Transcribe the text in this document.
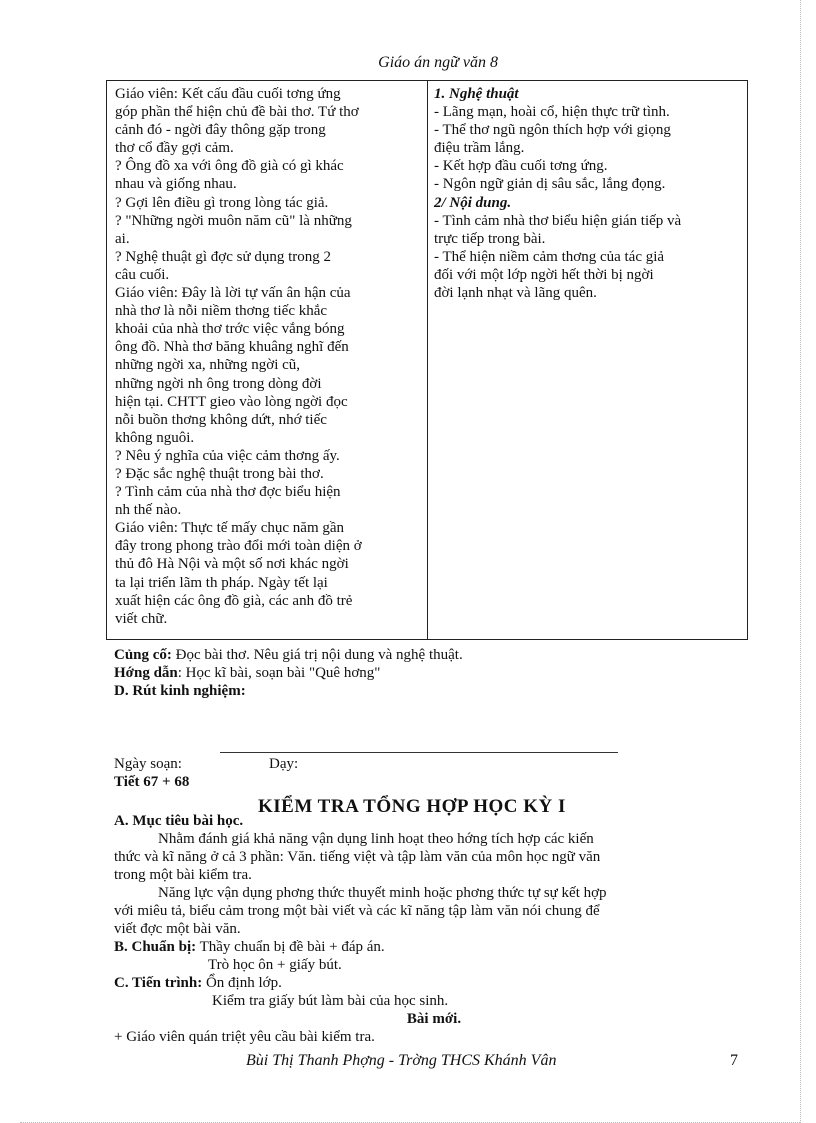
Giáo án ngữ văn 8

Giáo viên: Kết cấu đầu cuối tơng ứng

góp phần thể hiện chủ đề bài thơ. Tứ thơ

cảnh đó - ngời đây thông gặp trong

thơ cổ đầy gợi cảm.

? Ông đồ xa với ông đồ già có gì khác

nhau và giống nhau.

? Gợi lên điều gì trong lòng tác giả.

? "Những ngời muôn năm cũ" là những

ai.

? Nghệ thuật gì đợc sử dụng trong 2

câu cuối.

Giáo viên: Đây là lời tự vấn ân hận của

nhà thơ là nỗi niềm thơng tiếc khắc

khoải của nhà thơ trớc việc vắng bóng

ông đồ. Nhà thơ băng khuâng nghĩ đến

những ngời xa, những ngời cũ,

những ngời nh ông trong dòng đời

hiện tại. CHTT gieo vào lòng ngời đọc

nỗi buồn thơng không dứt, nhớ tiếc

không nguôi.

? Nêu ý nghĩa của việc cảm thơng ấy.

? Đặc sắc nghệ thuật trong bài thơ.

? Tình cảm của nhà thơ đợc biểu hiện

nh thế nào.

Giáo viên: Thực tế mấy chục năm gần

đây trong phong trào đổi mới toàn diện ở

thủ đô Hà Nội và một số nơi khác ngời

ta lại triển lãm th pháp. Ngày tết lại

xuất hiện các ông đồ già, các anh đồ trẻ

viết chữ.

1. Nghệ thuật

- Lãng mạn, hoài cổ, hiện thực trữ tình.

- Thể thơ ngũ ngôn thích hợp với giọng

điệu trầm lắng.

- Kết hợp đầu cuối tơng ứng.

- Ngôn ngữ giản dị sâu sắc, lắng đọng.

2/ Nội dung.

- Tình cảm nhà thơ biểu hiện gián tiếp và

trực tiếp trong bài.

- Thể hiện niềm cảm thơng của tác giả

đối với một lớp ngời hết thời bị ngời

đời lạnh nhạt và lãng quên.

Củng cố: Đọc bài thơ. Nêu giá trị nội dung và nghệ thuật.

Hớng dẫn: Học kĩ bài, soạn bài "Quê hơng"

D. Rút kinh nghiệm:

Ngày soạn:	Dạy:

Tiết 67 + 68

KIỂM TRA TỔNG HỢP HỌC KỲ I

A. Mục tiêu bài học.

Nhằm đánh giá khả năng vận dụng linh hoạt theo hớng tích hợp các kiến

thức và kĩ năng ở cả 3 phần: Văn. tiếng việt và tập làm văn của môn học ngữ văn

trong một bài kiểm tra.

Năng lực vận dụng phơng thức thuyết minh hoặc phơng thức tự sự kết hợp

với miêu tả, biểu cảm trong một bài viết và các kĩ năng tập làm văn nói chung để

viết đợc một bài văn.

B. Chuẩn bị: Thầy chuẩn bị đề bài + đáp án.

Trò học ôn + giấy bút.

C. Tiến trình: Ổn định lớp.

Kiểm tra giấy bút làm bài của học sinh.

Bài mới.

+ Giáo viên quán triệt yêu cầu bài kiểm tra.

Bùi Thị Thanh Phợng - Trờng THCS Khánh Vân	7
